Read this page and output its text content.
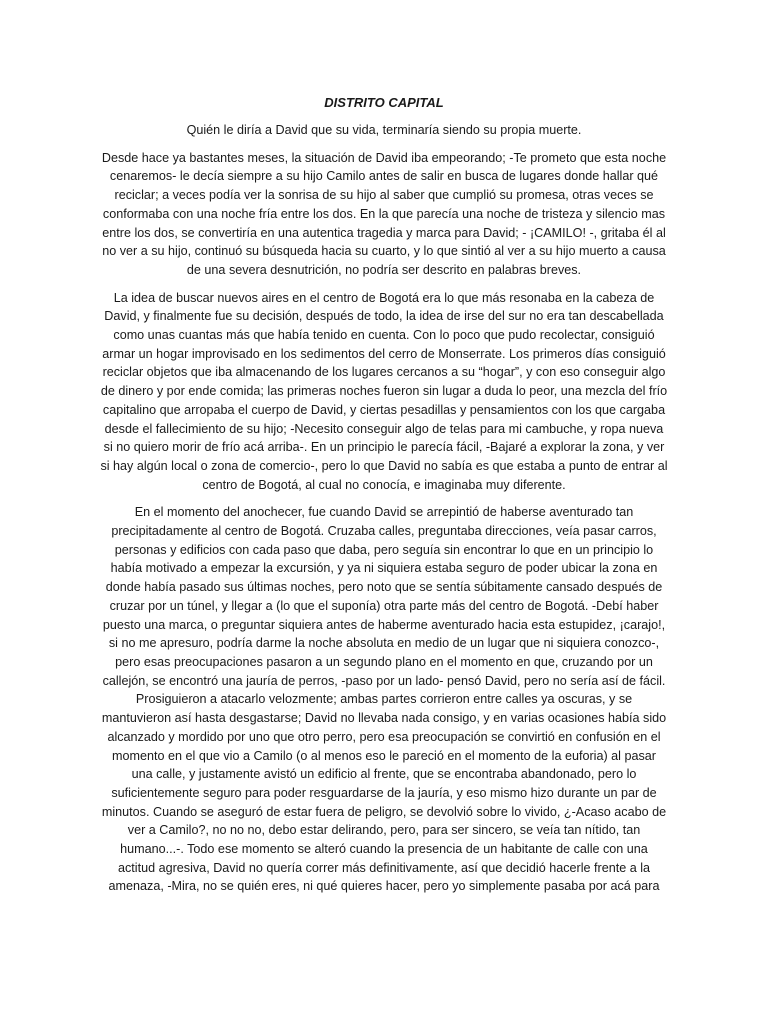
DISTRITO CAPITAL

Quién le diría a David que su vida, terminaría siendo su propia muerte.

Desde hace ya bastantes meses, la situación de David iba empeorando; -Te prometo que esta noche cenaremos- le decía siempre a su hijo Camilo antes de salir en busca de lugares donde hallar qué reciclar; a veces podía ver la sonrisa de su hijo al saber que cumplió su promesa, otras veces se conformaba con una noche fría entre los dos. En la que parecía una noche de tristeza y silencio mas entre los dos, se convertiría en una autentica tragedia y marca para David; - ¡CAMILO! -, gritaba él al no ver a su hijo, continuó su búsqueda hacia su cuarto, y lo que sintió al ver a su hijo muerto a causa de una severa desnutrición, no podría ser descrito en palabras breves.

La idea de buscar nuevos aires en el centro de Bogotá era lo que más resonaba en la cabeza de David, y finalmente fue su decisión, después de todo, la idea de irse del sur no era tan descabellada como unas cuantas más que había tenido en cuenta. Con lo poco que pudo recolectar, consiguió armar un hogar improvisado en los sedimentos del cerro de Monserrate. Los primeros días consiguió reciclar objetos que iba almacenando de los lugares cercanos a su “hogar”, y con eso conseguir algo de dinero y por ende comida; las primeras noches fueron sin lugar a duda lo peor, una mezcla del frío capitalino que arropaba el cuerpo de David, y ciertas pesadillas y pensamientos con los que cargaba desde el fallecimiento de su hijo; -Necesito conseguir algo de telas para mi cambuche, y ropa nueva si no quiero morir de frío acá arriba-. En un principio le parecía fácil, -Bajaré a explorar la zona, y ver si hay algún local o zona de comercio-, pero lo que David no sabía es que estaba a punto de entrar al centro de Bogotá, al cual no conocía, e imaginaba muy diferente.

En el momento del anochecer, fue cuando David se arrepintió de haberse aventurado tan precipitadamente al centro de Bogotá. Cruzaba calles, preguntaba direcciones, veía pasar carros, personas y edificios con cada paso que daba, pero seguía sin encontrar lo que en un principio lo había motivado a empezar la excursión, y ya ni siquiera estaba seguro de poder ubicar la zona en donde había pasado sus últimas noches, pero noto que se sentía súbitamente cansado después de cruzar por un túnel, y llegar a (lo que el suponía) otra parte más del centro de Bogotá. -Debí haber puesto una marca, o preguntar siquiera antes de haberme aventurado hacia esta estupidez, ¡carajo!, si no me apresuro, podría darme la noche absoluta en medio de un lugar que ni siquiera conozco-, pero esas preocupaciones pasaron a un segundo plano en el momento en que, cruzando por un callejón, se encontró una jauría de perros, -paso por un lado- pensó David, pero no sería así de fácil. Prosiguieron a atacarlo velozmente; ambas partes corrieron entre calles ya oscuras, y se mantuvieron así hasta desgastarse; David no llevaba nada consigo, y en varias ocasiones había sido alcanzado y mordido por uno que otro perro, pero esa preocupación se convirtió en confusión en el momento en el que vio a Camilo (o al menos eso le pareció en el momento de la euforia) al pasar una calle, y justamente avistó un edificio al frente, que se encontraba abandonado, pero lo suficientemente seguro para poder resguardarse de la jauría, y eso mismo hizo durante un par de minutos. Cuando se aseguró de estar fuera de peligro, se devolvió sobre lo vivido, ¿-Acaso acabo de ver a Camilo?, no no no, debo estar delirando, pero, para ser sincero, se veía tan nítido, tan humano...-. Todo ese momento se alteró cuando la presencia de un habitante de calle con una actitud agresiva, David no quería correr más definitivamente, así que decidió hacerle frente a la amenaza, -Mira, no se quién eres, ni qué quieres hacer, pero yo simplemente pasaba por acá para
